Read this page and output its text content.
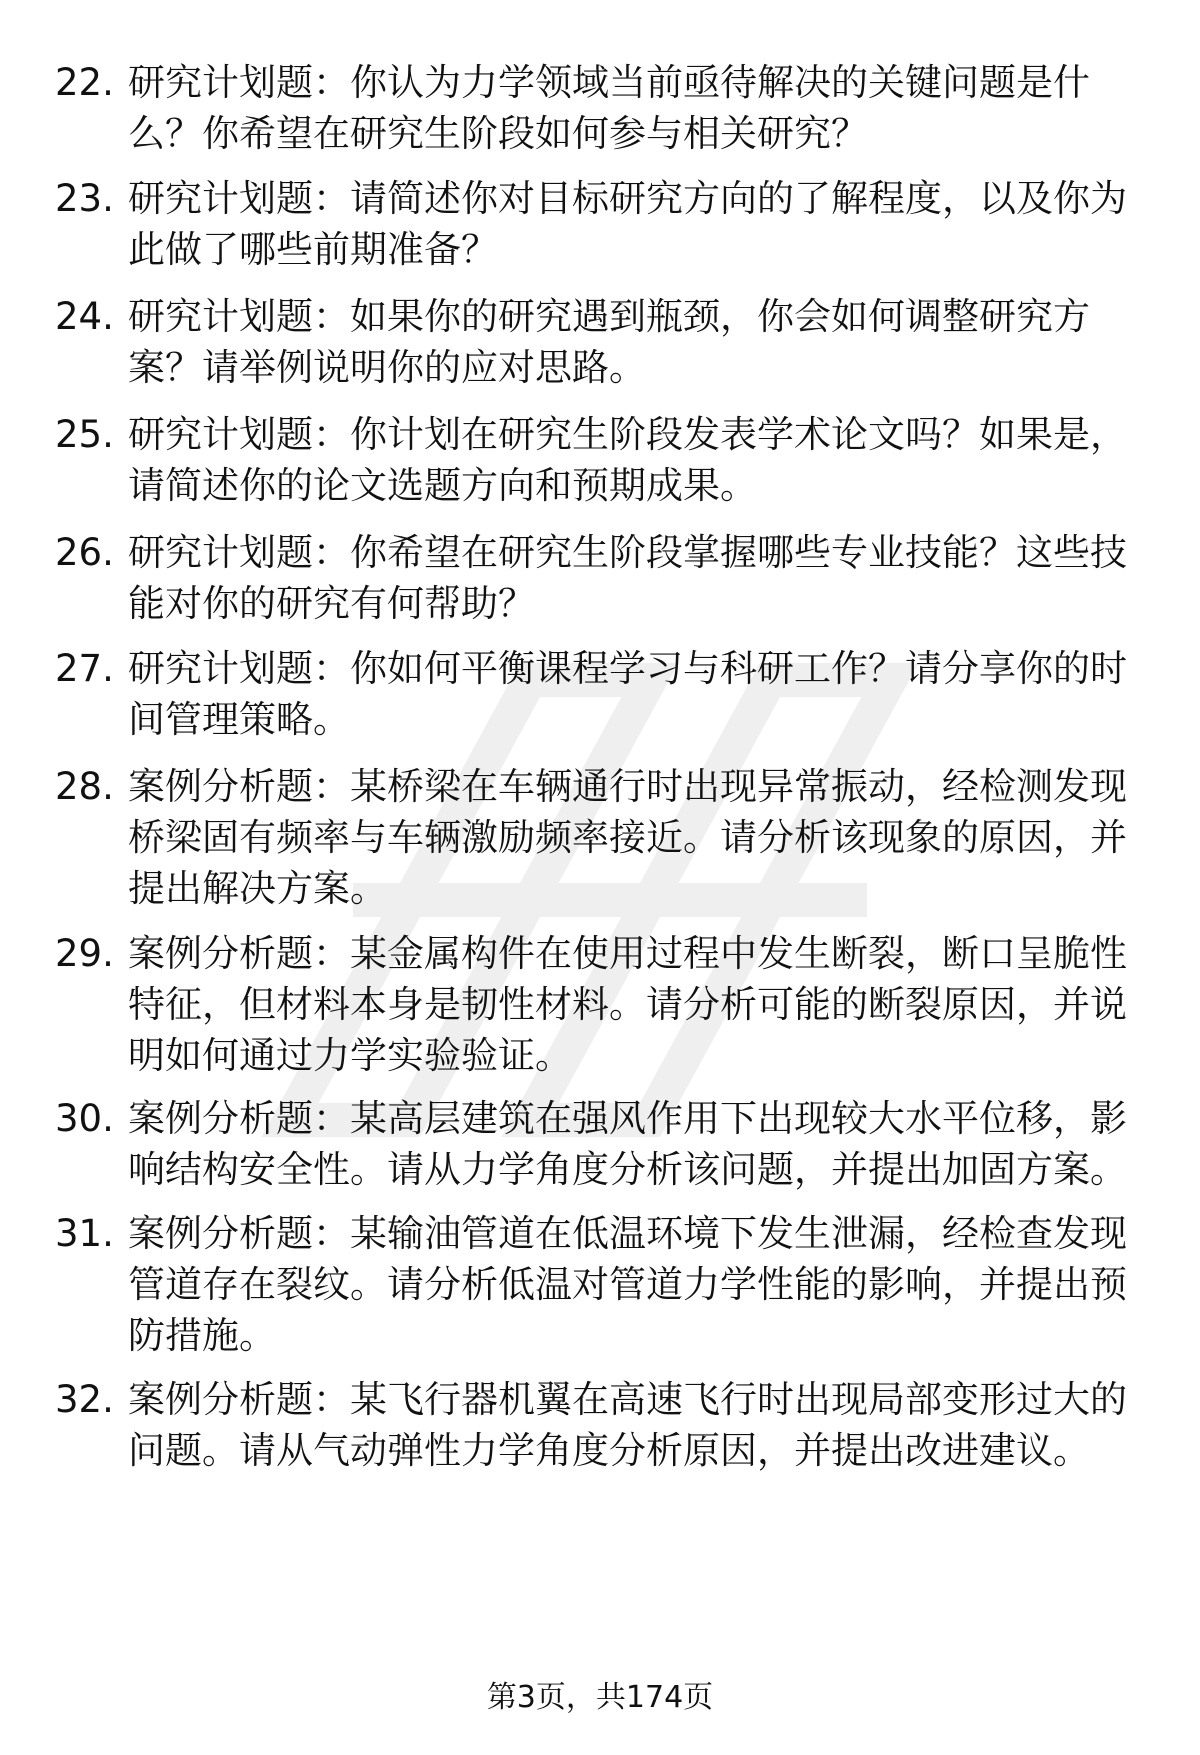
22. 研究计划题：你认为力学领域当前亟待解决的关键问题是什么？你希望在研究生阶段如何参与相关研究？
23. 研究计划题：请简述你对目标研究方向的了解程度，以及你为此做了哪些前期准备？
24. 研究计划题：如果你的研究遇到瓶颈，你会如何调整研究方案？请举例说明你的应对思路。
25. 研究计划题：你计划在研究生阶段发表学术论文吗？如果是，请简述你的论文选题方向和预期成果。
26. 研究计划题：你希望在研究生阶段掌握哪些专业技能？这些技能对你的研究有何帮助？
27. 研究计划题：你如何平衡课程学习与科研工作？请分享你的时间管理策略。
28. 案例分析题：某桥梁在车辆通行时出现异常振动，经检测发现桥梁固有频率与车辆激励频率接近。请分析该现象的原因，并提出解决方案。
29. 案例分析题：某金属构件在使用过程中发生断裂，断口呈脆性特征，但材料本身是韧性材料。请分析可能的断裂原因，并说明如何通过力学实验验证。
30. 案例分析题：某高层建筑在强风作用下出现较大水平位移，影响结构安全性。请从力学角度分析该问题，并提出加固方案。
31. 案例分析题：某输油管道在低温环境下发生泄漏，经检查发现管道存在裂纹。请分析低温对管道力学性能的影响，并提出预防措施。
32. 案例分析题：某飞行器机翼在高速飞行时出现局部变形过大的问题。请从气动弹性力学角度分析原因，并提出改进建议。
第3页，共174页
